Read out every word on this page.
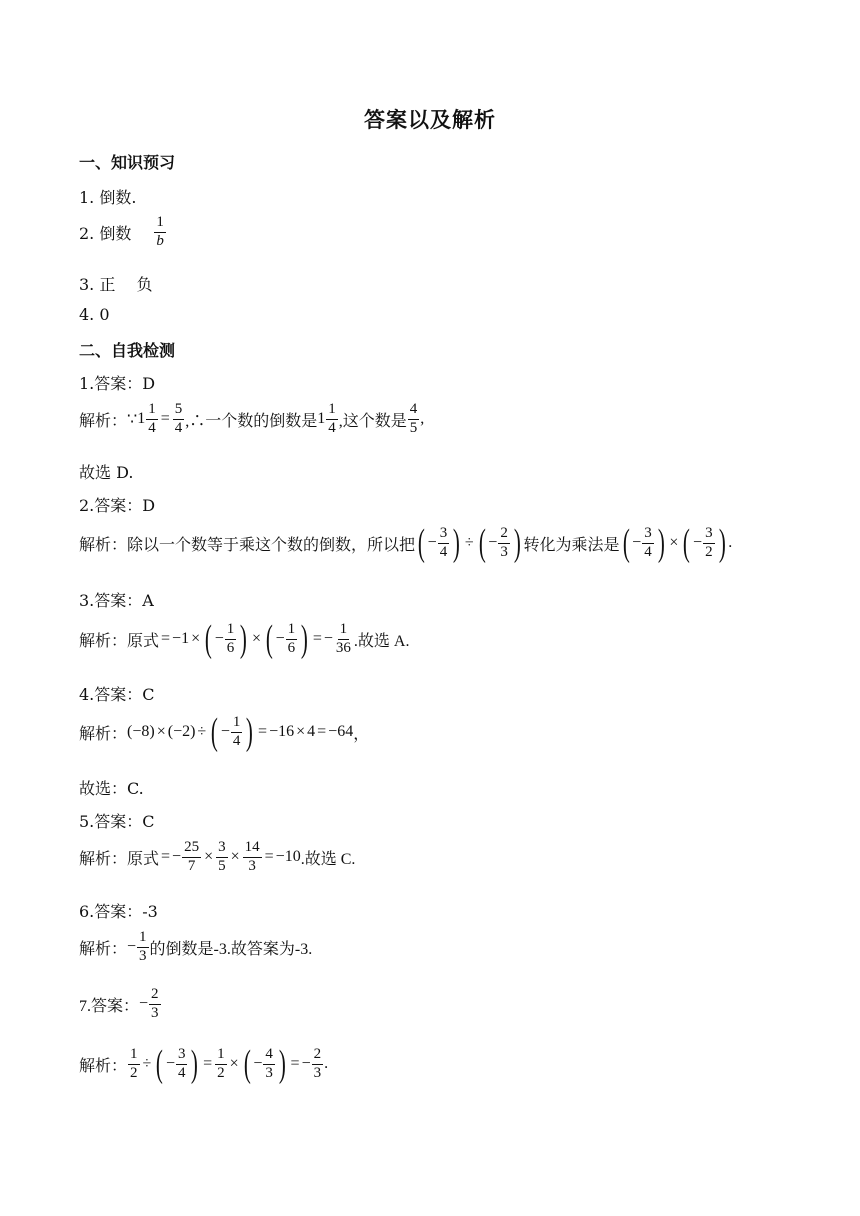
答案以及解析
一、知识预习
1. 倒数.
2. 倒数 $\frac{1}{b}$
3. 正　 负
4. 0
二、自我检测
1.答案：D
解析： ∵ $1 \frac{1}{4} = \frac{5}{4}$ ,∴一个数的倒数是 $1 \frac{1}{4}$ ,这个数是 $\frac{4}{5}$ ,
故选 D.
2.答案：D
解析：除以一个数等于乘这个数的倒数，所以把 ( − $\frac{3}{4}$ ) ÷ ( − $\frac{2}{3}$ ) 转化为乘法是 ( − $\frac{3}{4}$ ) × ( − $\frac{3}{2}$ ) .
3.答案：A
解析：原式 = −1 × ( − $\frac{1}{6}$ ) × ( − $\frac{1}{6}$ ) = − $\frac{1}{36}$ .故选 A.
4.答案：C
解析： (−8) × (−2) ÷ ( − $\frac{1}{4}$ ) = −16 × 4 = −64 ，
故选：C.
5.答案：C
解析：原式 = − $\frac{25}{7} \times \frac{3}{5} \times \frac{14}{3} = -10$ .故选 C.
6.答案：-3
解析： − $\frac{1}{3}$ 的倒数是-3.故答案为-3.
7.答案： − $\frac{2}{3}$
解析： $\frac{1}{2}$ ÷ ( − $\frac{3}{4}$ ) = $\frac{1}{2}$ × ( − $\frac{4}{3}$ ) = − $\frac{2}{3}$ .
